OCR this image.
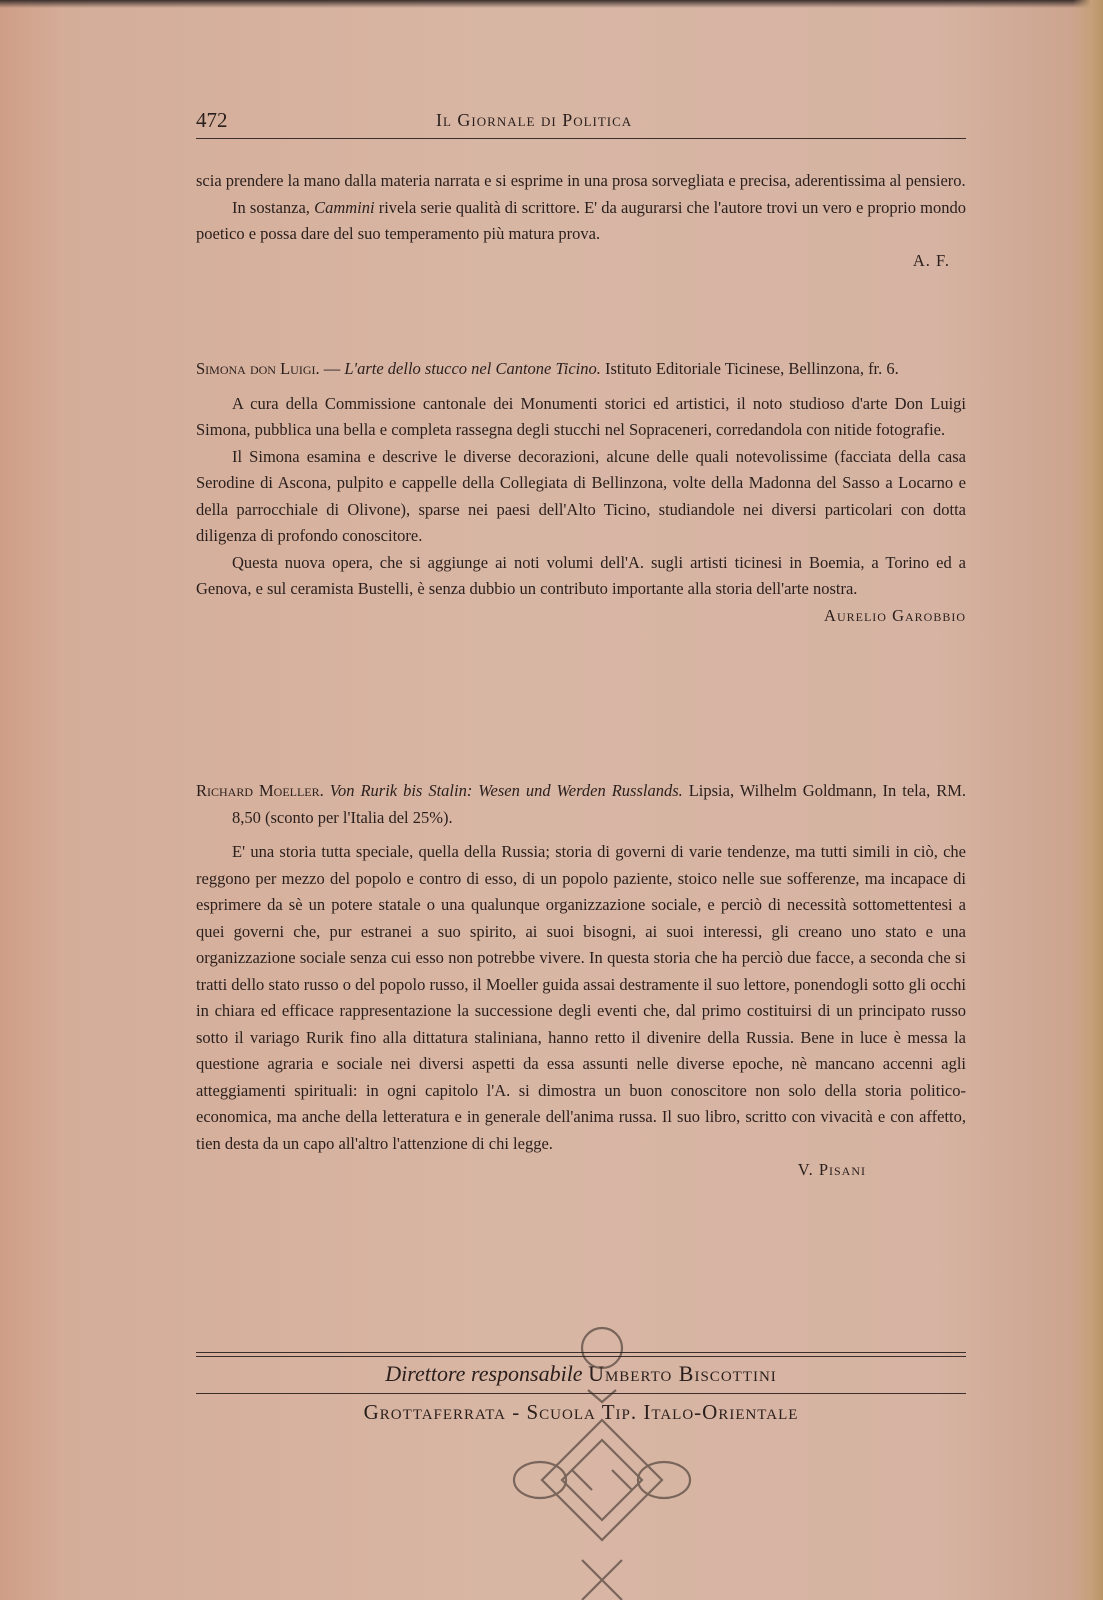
472	Il Giornale di Politica

scia prendere la mano dalla materia narrata e si esprime in una prosa sorvegliata e precisa, aderentissima al pensiero.

In sostanza, Cammini rivela serie qualità di scrittore. E' da augurarsi che l'autore trovi un vero e proprio mondo poetico e possa dare del suo temperamento più matura prova.

A. F.

Simona don Luigi. — L'arte dello stucco nel Cantone Ticino. Istituto Editoriale Ticinese, Bellinzona, fr. 6.

A cura della Commissione cantonale dei Monumenti storici ed artistici, il noto studioso d'arte Don Luigi Simona, pubblica una bella e completa rassegna degli stucchi nel Sopraceneri, corredandola con nitide fotografie.

Il Simona esamina e descrive le diverse decorazioni, alcune delle quali notevolissime (facciata della casa Serodine di Ascona, pulpito e cappelle della Collegiata di Bellinzona, volte della Madonna del Sasso a Locarno e della parrocchiale di Olivone), sparse nei paesi dell'Alto Ticino, studiandole nei diversi particolari con dotta diligenza di profondo conoscitore.

Questa nuova opera, che si aggiunge ai noti volumi dell'A. sugli artisti ticinesi in Boemia, a Torino ed a Genova, e sul ceramista Bustelli, è senza dubbio un contributo importante alla storia dell'arte nostra.

Aurelio Garobbio

Richard Moeller. Von Rurik bis Stalin: Wesen und Werden Russlands. Lipsia, Wilhelm Goldmann, In tela, RM. 8,50 (sconto per l'Italia del 25%).

E' una storia tutta speciale, quella della Russia; storia di governi di varie tendenze, ma tutti simili in ciò, che reggono per mezzo del popolo e contro di esso, di un popolo paziente, stoico nelle sue sofferenze, ma incapace di esprimere da sè un potere statale o una qualunque organizzazione sociale, e perciò di necessità sottomettentesi a quei governi che, pur estranei a suo spirito, ai suoi bisogni, ai suoi interessi, gli creano uno stato e una organizzazione sociale senza cui esso non potrebbe vivere. In questa storia che ha perciò due facce, a seconda che si tratti dello stato russo o del popolo russo, il Moeller guida assai destramente il suo lettore, ponendogli sotto gli occhi in chiara ed efficace rappresentazione la successione degli eventi che, dal primo costituirsi di un principato russo sotto il variago Rurik fino alla dittatura staliniana, hanno retto il divenire della Russia. Bene in luce è messa la questione agraria e sociale nei diversi aspetti da essa assunti nelle diverse epoche, nè mancano accenni agli atteggiamenti spirituali: in ogni capitolo l'A. si dimostra un buon conoscitore non solo della storia politico-economica, ma anche della letteratura e in generale dell'anima russa. Il suo libro, scritto con vivacità e con affetto, tien desta da un capo all'altro l'attenzione di chi legge.

V. Pisani

Direttore responsabile Umberto Biscottini
Grottaferrata - Scuola Tip. Italo-Orientale
